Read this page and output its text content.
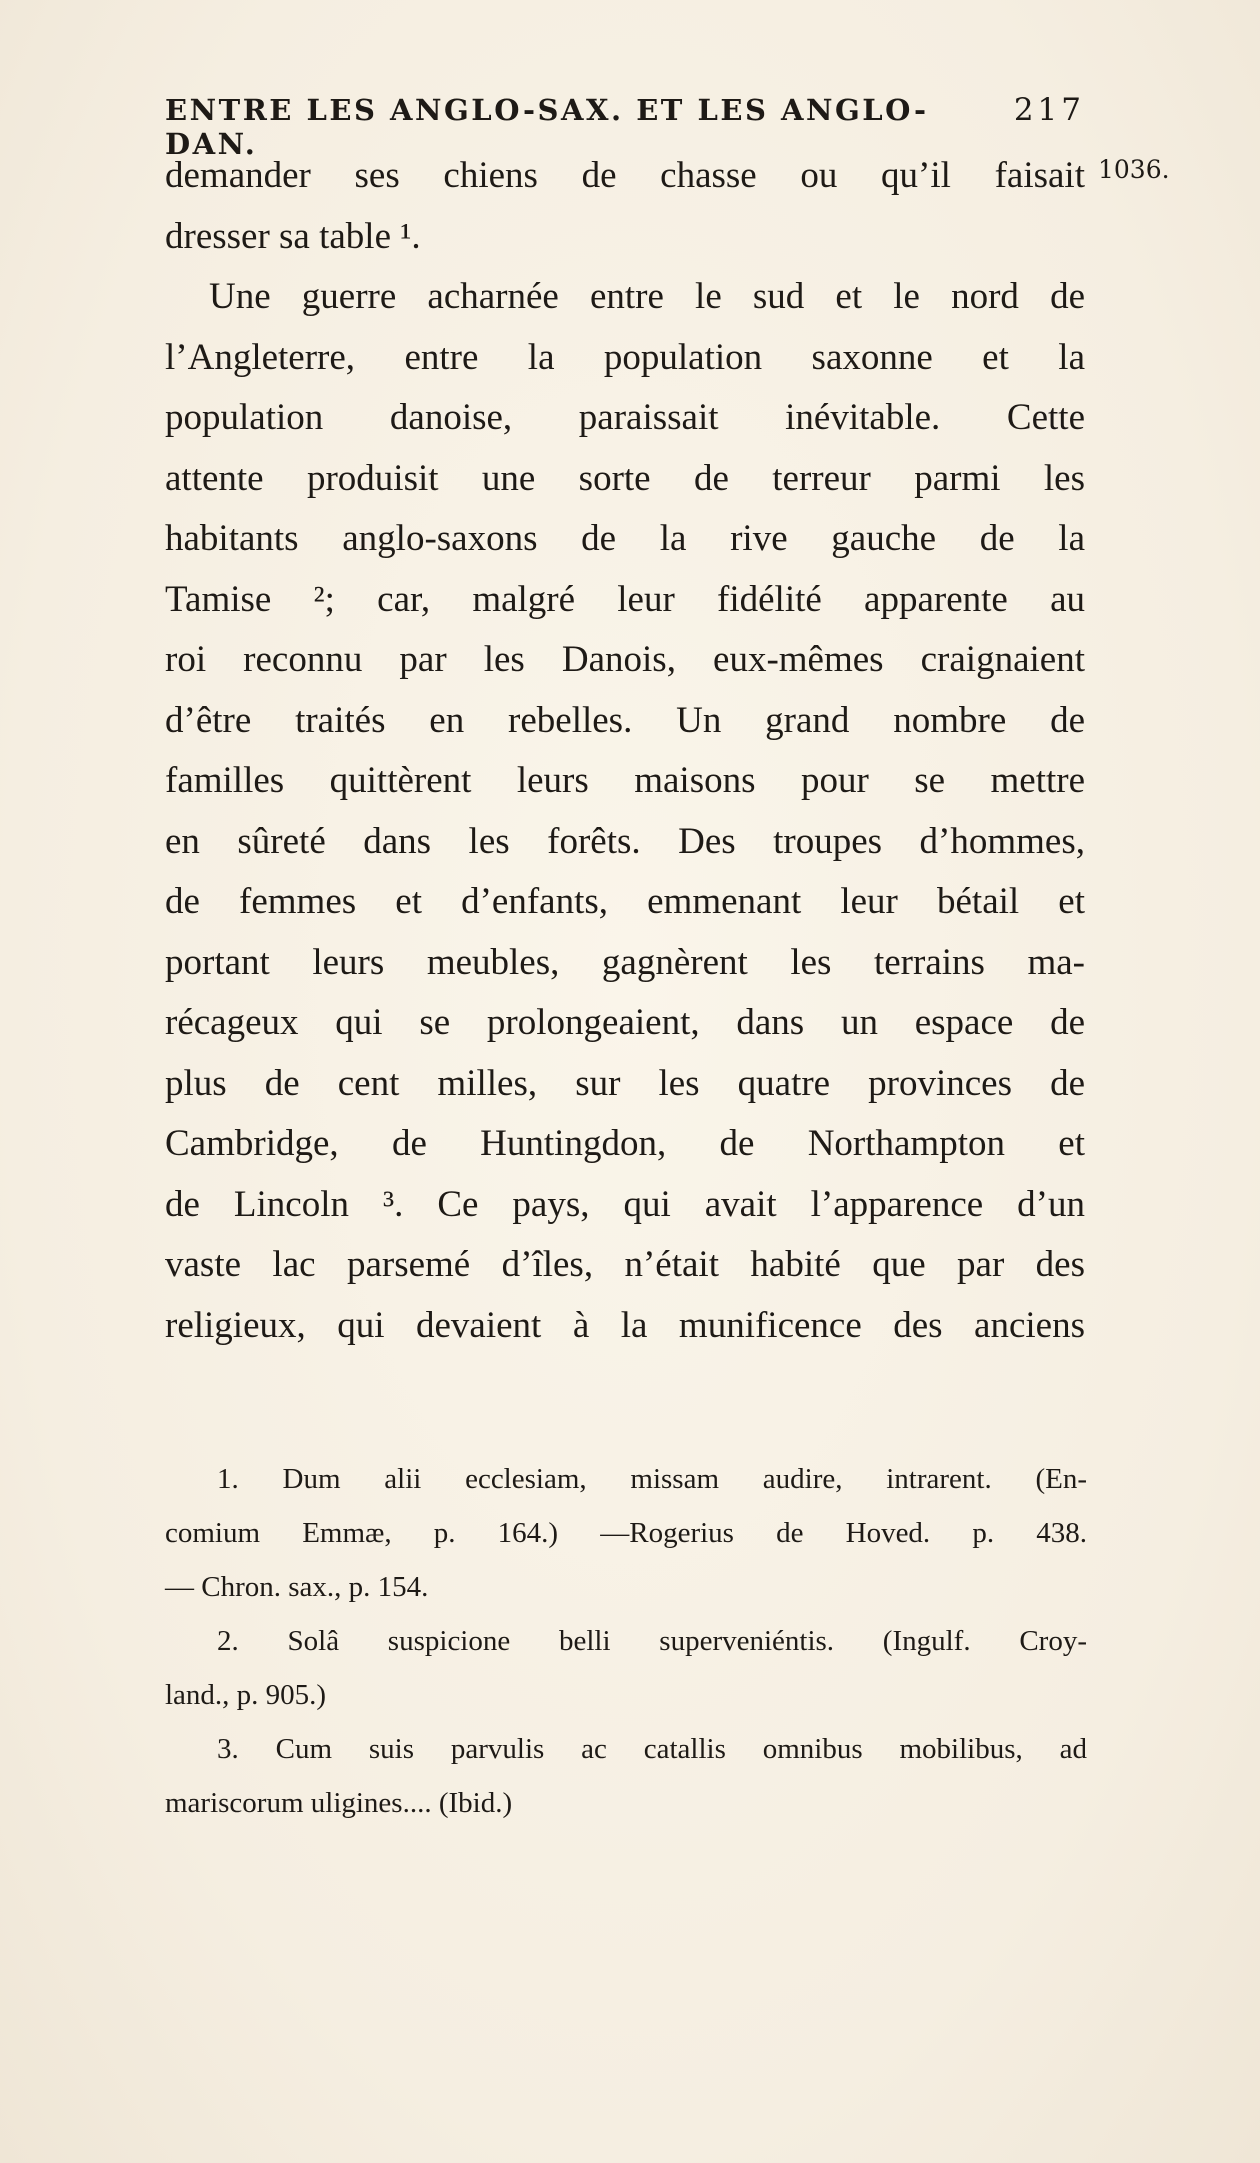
ENTRE LES ANGLO-SAX. ET LES ANGLO-DAN.
217
1036.
demander ses chiens de chasse ou qu’il faisait
dresser sa table ¹.
Une guerre acharnée entre le sud et le nord de
l’Angleterre, entre la population saxonne et la
population danoise, paraissait inévitable. Cette
attente produisit une sorte de terreur parmi les
habitants anglo-saxons de la rive gauche de la
Tamise ²; car, malgré leur fidélité apparente au
roi reconnu par les Danois, eux-mêmes craignaient
d’être traités en rebelles. Un grand nombre de
familles quittèrent leurs maisons pour se mettre
en sûreté dans les forêts. Des troupes d’hommes,
de femmes et d’enfants, emmenant leur bétail et
portant leurs meubles, gagnèrent les terrains ma-
récageux qui se prolongeaient, dans un espace de
plus de cent milles, sur les quatre provinces de
Cambridge, de Huntingdon, de Northampton et
de Lincoln ³. Ce pays, qui avait l’apparence d’un
vaste lac parsemé d’îles, n’était habité que par des
religieux, qui devaient à la munificence des anciens
1. Dum alii ecclesiam, missam audire, intrarent. (En-
comium Emmæ, p. 164.) —Rogerius de Hoved. p. 438.
— Chron. sax., p. 154.
2. Solâ suspicione belli superveniéntis. (Ingulf. Croy-
land., p. 905.)
3. Cum suis parvulis ac catallis omnibus mobilibus, ad
mariscorum uligines.... (Ibid.)
